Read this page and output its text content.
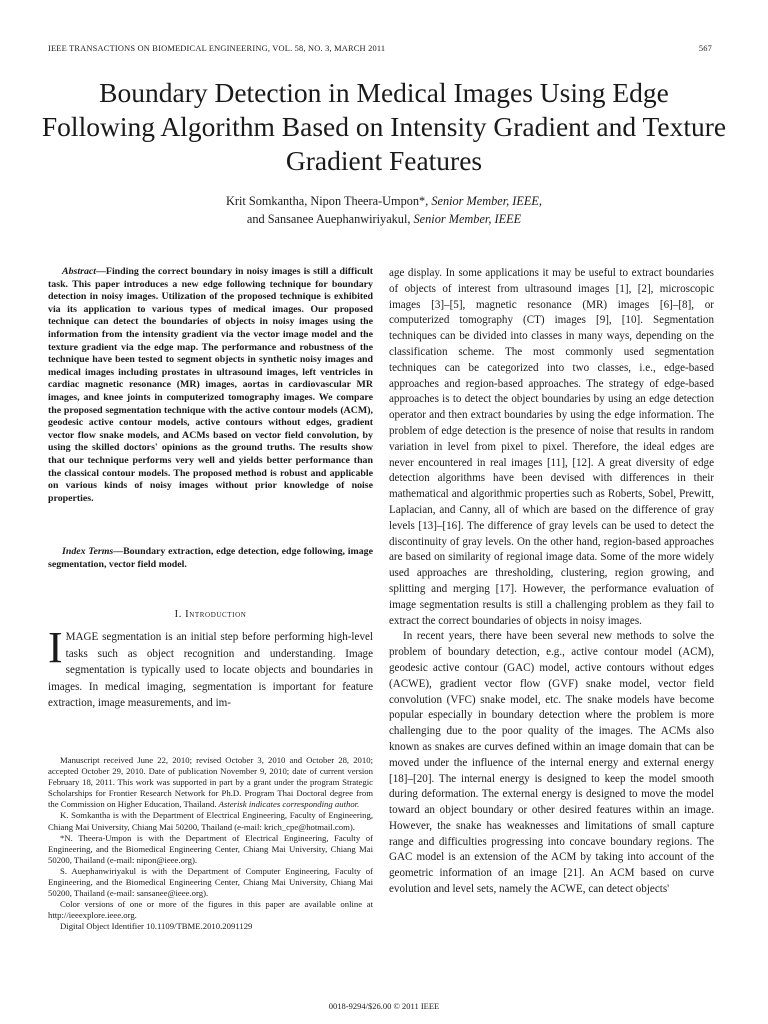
IEEE TRANSACTIONS ON BIOMEDICAL ENGINEERING, VOL. 58, NO. 3, MARCH 2011	567
Boundary Detection in Medical Images Using Edge Following Algorithm Based on Intensity Gradient and Texture Gradient Features
Krit Somkantha, Nipon Theera-Umpon*, Senior Member, IEEE,
and Sansanee Auephanwiriyakul, Senior Member, IEEE
Abstract—Finding the correct boundary in noisy images is still a difficult task. This paper introduces a new edge following technique for boundary detection in noisy images. Utilization of the proposed technique is exhibited via its application to various types of medical images. Our proposed technique can detect the boundaries of objects in noisy images using the information from the intensity gradient via the vector image model and the texture gradient via the edge map. The performance and robustness of the technique have been tested to segment objects in synthetic noisy images and medical images including prostates in ultrasound images, left ventricles in cardiac magnetic resonance (MR) images, aortas in cardiovascular MR images, and knee joints in computerized tomography images. We compare the proposed segmentation technique with the active contour models (ACM), geodesic active contour models, active contours without edges, gradient vector flow snake models, and ACMs based on vector field convolution, by using the skilled doctors' opinions as the ground truths. The results show that our technique performs very well and yields better performance than the classical contour models. The proposed method is robust and applicable on various kinds of noisy images without prior knowledge of noise properties.
Index Terms—Boundary extraction, edge detection, edge following, image segmentation, vector field model.
I. Introduction
IMAGE segmentation is an initial step before performing high-level tasks such as object recognition and understanding. Image segmentation is typically used to locate objects and boundaries in images. In medical imaging, segmentation is important for feature extraction, image measurements, and im-

Manuscript received June 22, 2010; revised October 3, 2010 and October 28, 2010; accepted October 29, 2010. Date of publication November 9, 2010; date of current version February 18, 2011. This work was supported in part by a grant under the program Strategic Scholarships for Frontier Research Network for Ph.D. Program Thai Doctoral degree from the Commission on Higher Education, Thailand. Asterisk indicates corresponding author.

K. Somkantha is with the Department of Electrical Engineering, Faculty of Engineering, Chiang Mai University, Chiang Mai 50200, Thailand (e-mail: krich_cpe@hotmail.com).

*N. Theera-Umpon is with the Department of Electrical Engineering, Faculty of Engineering, and the Biomedical Engineering Center, Chiang Mai University, Chiang Mai 50200, Thailand (e-mail: nipon@ieee.org).

S. Auephanwiriyakul is with the Department of Computer Engineering, Faculty of Engineering, and the Biomedical Engineering Center, Chiang Mai University, Chiang Mai 50200, Thailand (e-mail: sansanee@ieee.org).

Color versions of one or more of the figures in this paper are available online at http://ieeexplore.ieee.org.

Digital Object Identifier 10.1109/TBME.2010.2091129

age display. In some applications it may be useful to extract boundaries of objects of interest from ultrasound images [1], [2], microscopic images [3]–[5], magnetic resonance (MR) images [6]–[8], or computerized tomography (CT) images [9], [10]. Segmentation techniques can be divided into classes in many ways, depending on the classification scheme. The most commonly used segmentation techniques can be categorized into two classes, i.e., edge-based approaches and region-based approaches. The strategy of edge-based approaches is to detect the object boundaries by using an edge detection operator and then extract boundaries by using the edge information. The problem of edge detection is the presence of noise that results in random variation in level from pixel to pixel. Therefore, the ideal edges are never encountered in real images [11], [12]. A great diversity of edge detection algorithms have been devised with differences in their mathematical and algorithmic properties such as Roberts, Sobel, Prewitt, Laplacian, and Canny, all of which are based on the difference of gray levels [13]–[16]. The difference of gray levels can be used to detect the discontinuity of gray levels. On the other hand, region-based approaches are based on similarity of regional image data. Some of the more widely used approaches are thresholding, clustering, region growing, and splitting and merging [17]. However, the performance evaluation of image segmentation results is still a challenging problem as they fail to extract the correct boundaries of objects in noisy images.

In recent years, there have been several new methods to solve the problem of boundary detection, e.g., active contour model (ACM), geodesic active contour (GAC) model, active contours without edges (ACWE), gradient vector flow (GVF) snake model, vector field convolution (VFC) snake model, etc. The snake models have become popular especially in boundary detection where the problem is more challenging due to the poor quality of the images. The ACMs also known as snakes are curves defined within an image domain that can be moved under the influence of the internal energy and external energy [18]–[20]. The internal energy is designed to keep the model smooth during deformation. The external energy is designed to move the model toward an object boundary or other desired features within an image. However, the snake has weaknesses and limitations of small capture range and difficulties progressing into concave boundary regions. The GAC model is an extension of the ACM by taking into account of the geometric information of an image [21]. An ACM based on curve evolution and level sets, namely the ACWE, can detect objects'

0018-9294/$26.00 © 2011 IEEE
